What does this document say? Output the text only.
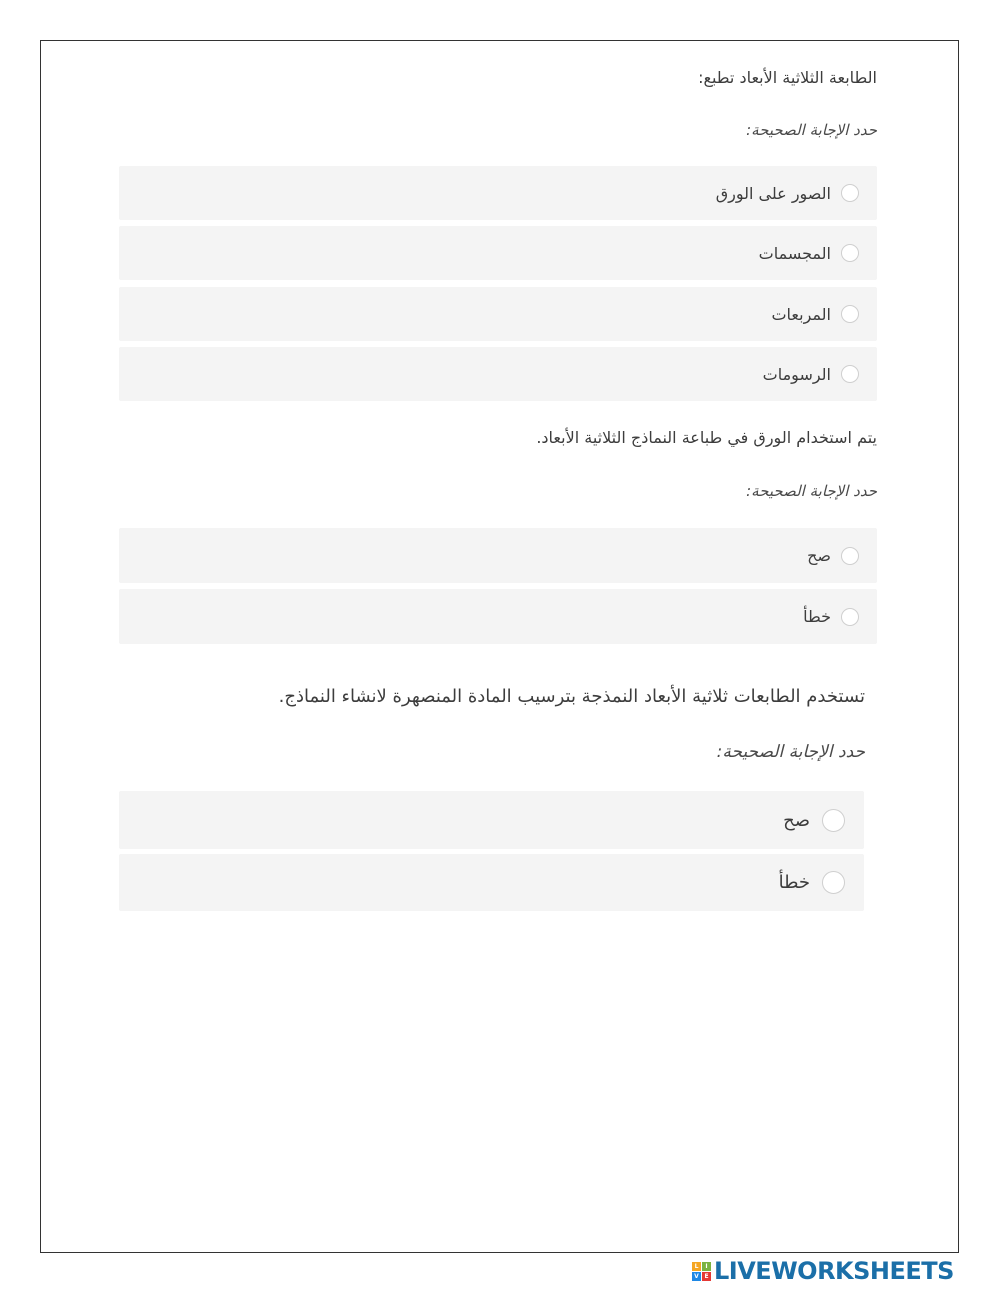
الطابعة الثلاثية الأبعاد تطبع:
حدد الإجابة الصحيحة:
الصور على الورق
المجسمات
المربعات
الرسومات
يتم استخدام الورق في طباعة النماذج الثلاثية الأبعاد.
حدد الإجابة الصحيحة:
صح
خطأ
تستخدم الطابعات ثلاثية الأبعاد النمذجة بترسيب المادة المنصهرة لانشاء النماذج.
حدد الإجابة الصحيحة:
صح
خطأ
L	I
V E LIVEWORKSHEETS
